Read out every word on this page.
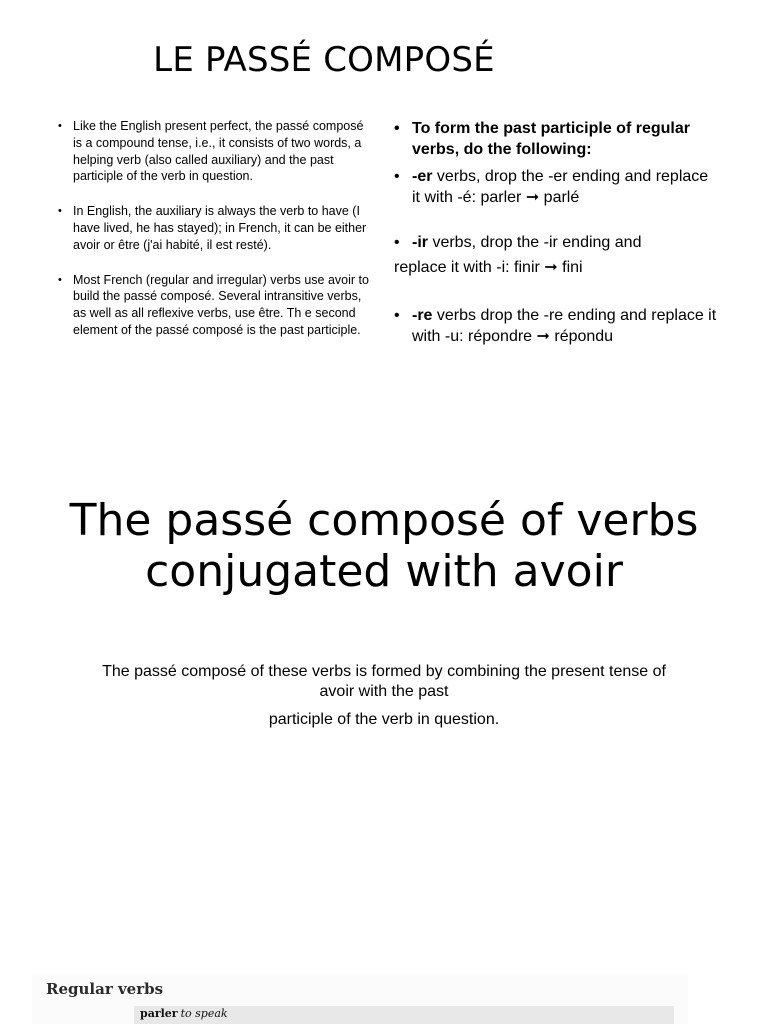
LE PASSÉ COMPOSÉ
• Like the English present perfect, the passé composé is a compound tense, i.e., it consists of two words, a helping verb (also called auxiliary) and the past participle of the verb in question.
• In English, the auxiliary is always the verb to have (I have lived, he has stayed); in French, it can be either avoir or être (j'ai habité, il est resté).
• Most French (regular and irregular) verbs use avoir to build the passé composé. Several intransitive verbs, as well as all reflexive verbs, use être. Th e second element of the passé composé is the past participle.
• To form the past participle of regular verbs, do the following:
• -er verbs, drop the -er ending and replace it with -é: parler ➞ parlé
• -ir verbs, drop the -ir ending and
replace it with -i: finir ➞ fini
• -re verbs drop the -re ending and replace it with -u: répondre ➞ répondu
The passé composé of verbs conjugated with avoir
The passé composé of these verbs is formed by combining the present tense of avoir with the past
participle of the verb in question.
Regular verbs
parler to speak
